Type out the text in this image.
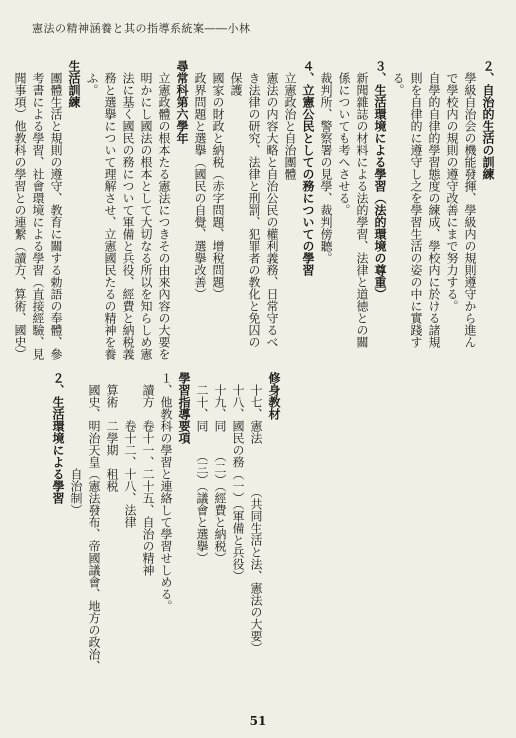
憲法の精神涵養と其の指導系統案――小林
２、自治的生活の訓練
　學級自治会の機能發揮、學級内の規則遵守から進ん
　で學校内の規則の遵守改善にまで努力する。
　自學的自律的學習態度の練成、學校内に於ける諸規
　則を自律的に遵守し之を學習生活の姿の中に實踐す
　る。
３、生活環境による學習（法的環境の尊重）
　新聞雜誌の材料による法的學習、法律と道徳との關
　係についても考へさせる。
　裁判所、警察署の見學、裁判傍聽。
４、立憲公民としての務についての學習
　立憲政治と自治團體
　憲法の内容大略と自治公民の權利義務、日常守るべ
　き法律の研究、法律と刑罰、犯罪者の教化と免囚の
　保護
　國家の財政と納税（赤字問題、增稅問題）
　政界問題と選擧（國民の自覺、選擧改善）
尋常科第六學年
　立憲政體の根本たる憲法につきその由來內容の大要を
　明かにし國法の根本として大切なる所以を知らしめ憲
　法に基く國民の務について軍備と兵役、經費と納税義
　務と選擧について理解させ、立憲國民たるの精神を養
　ふ。
生活訓練
　團體生活と規則の遵守、教育に關する勅語の奉體、參
　考書による學習、社會環境による學習（直接經驗、見
　聞事項）他教科の學習との連繋（讀方、算術、國史）
修身教材
　十七、憲法　　　　（共同生活と法、憲法の大要）
　十八、國民の務（一）（軍備と兵役）
　十九、同　　（二）（經費と納税）
　二十、同　　（三）（議會と選擧）
學習指導要項
１、他教科の學習と連絡して學習せしめる。
　讀方　卷十一、二十五、自治の精神
　　　　卷十二、十八、法律
　算術　二學期　租税
　國史、明治天皇（憲法發布、帝國議會、地方の政治、
　　　　　　　　自治制）
２、生活環境による學習
51
